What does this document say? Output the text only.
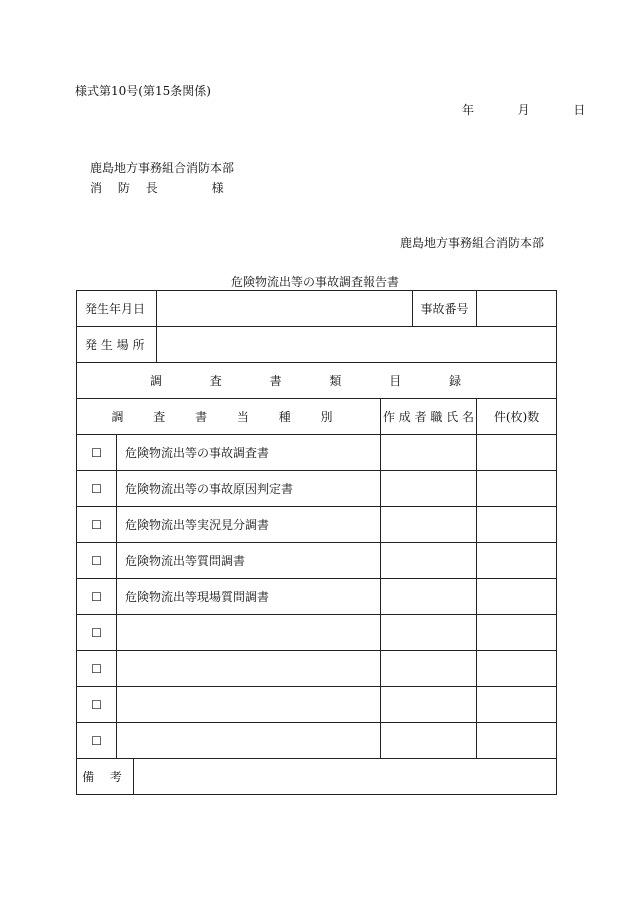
様式第10号(第15条関係)
年	月	日
鹿島地方事務組合消防本部
消 防 長	様
鹿島地方事務組合消防本部
危険物流出等の事故調査報告書
発生年月日					事故番号	
発 生 場 所						
調 査 書 類 目 録						
調 査 書 当 種 別				作 成 者 職 氏 名		件(枚)数
☐	危険物流出等の事故調査書					
☐	危険物流出等の事故原因判定書					
☐	危険物流出等実況見分調書					
☐	危険物流出等質問調書					
☐	危険物流出等現場質問調書					
☐						
☐						
☐						
☐						
備 考						
